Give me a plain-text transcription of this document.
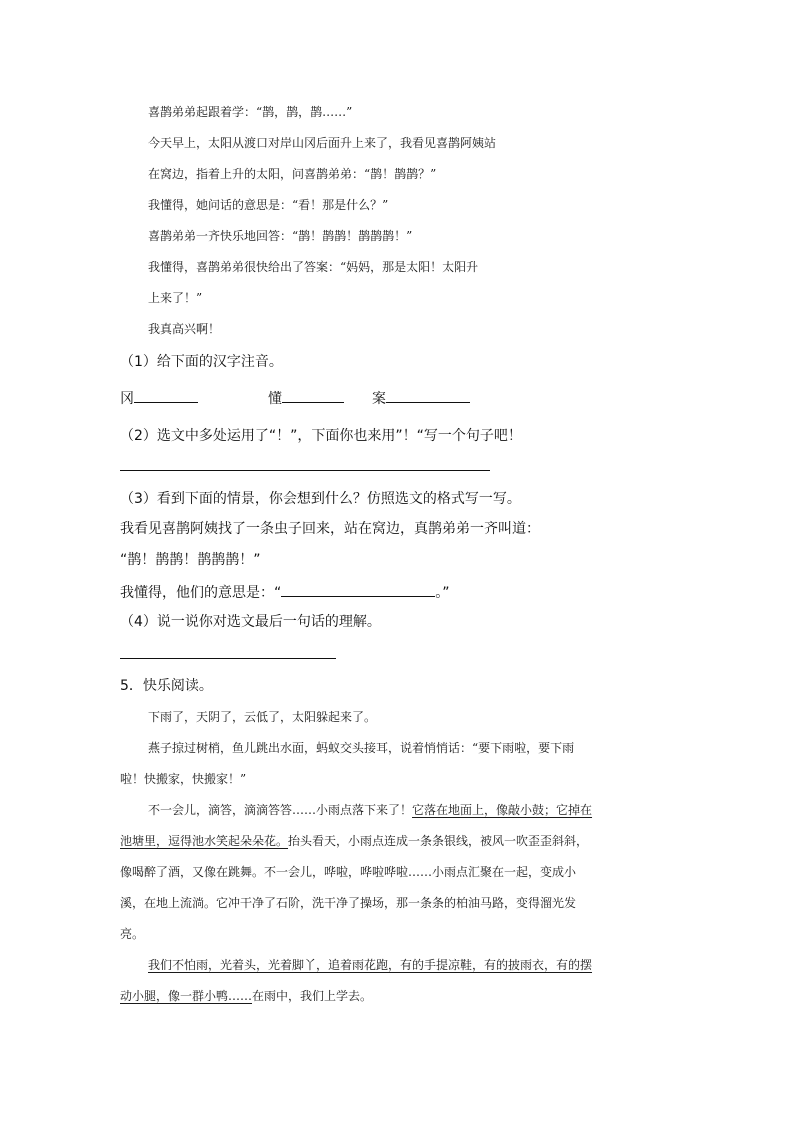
喜鹊弟弟起跟着学：“鹊，鹊，鹊……”
今天早上，太阳从渡口对岸山冈后面升上来了，我看见喜鹊阿姨站
在窝边，指着上升的太阳，问喜鹊弟弟：“鹊！鹊鹊？”
我懂得，她问话的意思是：“看！那是什么？”
喜鹊弟弟一齐快乐地回答：“鹊！鹊鹊！鹊鹊鹊！”
我懂得，喜鹊弟弟很快给出了答案：“妈妈，那是太阳！太阳升
上来了！”
我真高兴啊！
（1）给下面的汉字注音。
冈	懂	案
（2）选文中多处运用了“！”，下面你也来用”！“写一个句子吧！
（3）看到下面的情景，你会想到什么？仿照选文的格式写一写。
我看见喜鹊阿姨找了一条虫子回来，站在窝边，真鹊弟弟一齐叫道：
“鹊！鹊鹊！鹊鹊鹊！”
我懂得，他们的意思是：“	。”
（4）说一说你对选文最后一句话的理解。
5．快乐阅读。
下雨了，天阴了，云低了，太阳躲起来了。
燕子掠过树梢，鱼儿跳出水面，蚂蚁交头接耳，说着悄悄话：“要下雨啦，要下雨
啦！快搬家，快搬家！”
不一会儿，滴答，滴滴答答……小雨点落下来了！它落在地面上，像敲小鼓；它掉在
池塘里，逗得池水笑起朵朵花。抬头看天，小雨点连成一条条银线，被风一吹歪歪斜斜，
像喝醉了酒，又像在跳舞。不一会儿，哗啦，哗啦哗啦……小雨点汇聚在一起，变成小
溪，在地上流淌。它冲干净了石阶，洗干净了操场，那一条条的柏油马路，变得溜光发
亮。
我们不怕雨，光着头，光着脚丫，追着雨花跑，有的手提凉鞋，有的披雨衣，有的摆
动小腿，像一群小鸭……在雨中，我们上学去。
